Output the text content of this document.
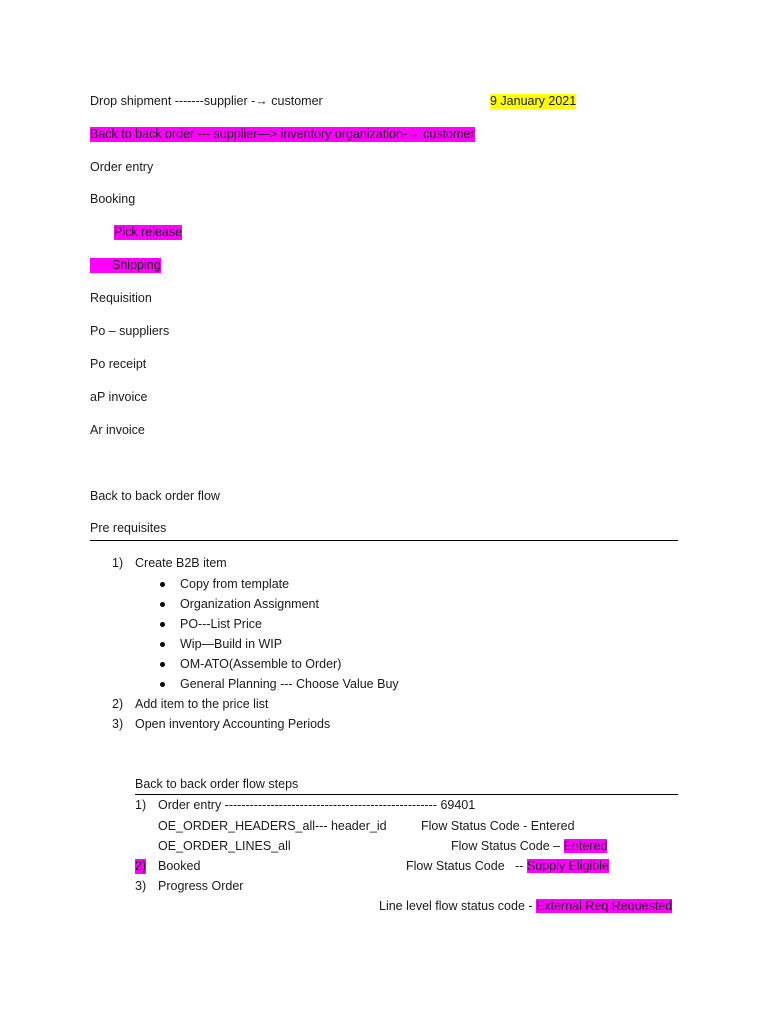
Drop shipment -------supplier -→ customer	9 January 2021
Back to back order --- supplier—> inventory organization-→ customer
Order entry
Booking
Pick release
Shipping
Requisition
Po – suppliers
Po receipt
aP invoice
Ar invoice
Back to back order flow
Pre requisites
1) Create B2B item
Copy from template
Organization Assignment
PO---List Price
Wip—Build in WIP
OM-ATO(Assemble to Order)
General Planning --- Choose Value Buy
2) Add item to the price list
3) Open inventory Accounting Periods
Back to back order flow steps
1) Order entry --------------------------------------------------- 69401
OE_ORDER_HEADERS_all--- header_id	Flow Status Code - Entered
OE_ORDER_LINES_all	Flow Status Code – Entered
2) Booked	Flow Status Code   -- Supply Eligible
3) Progress Order
Line level flow status code - External Req Requested
